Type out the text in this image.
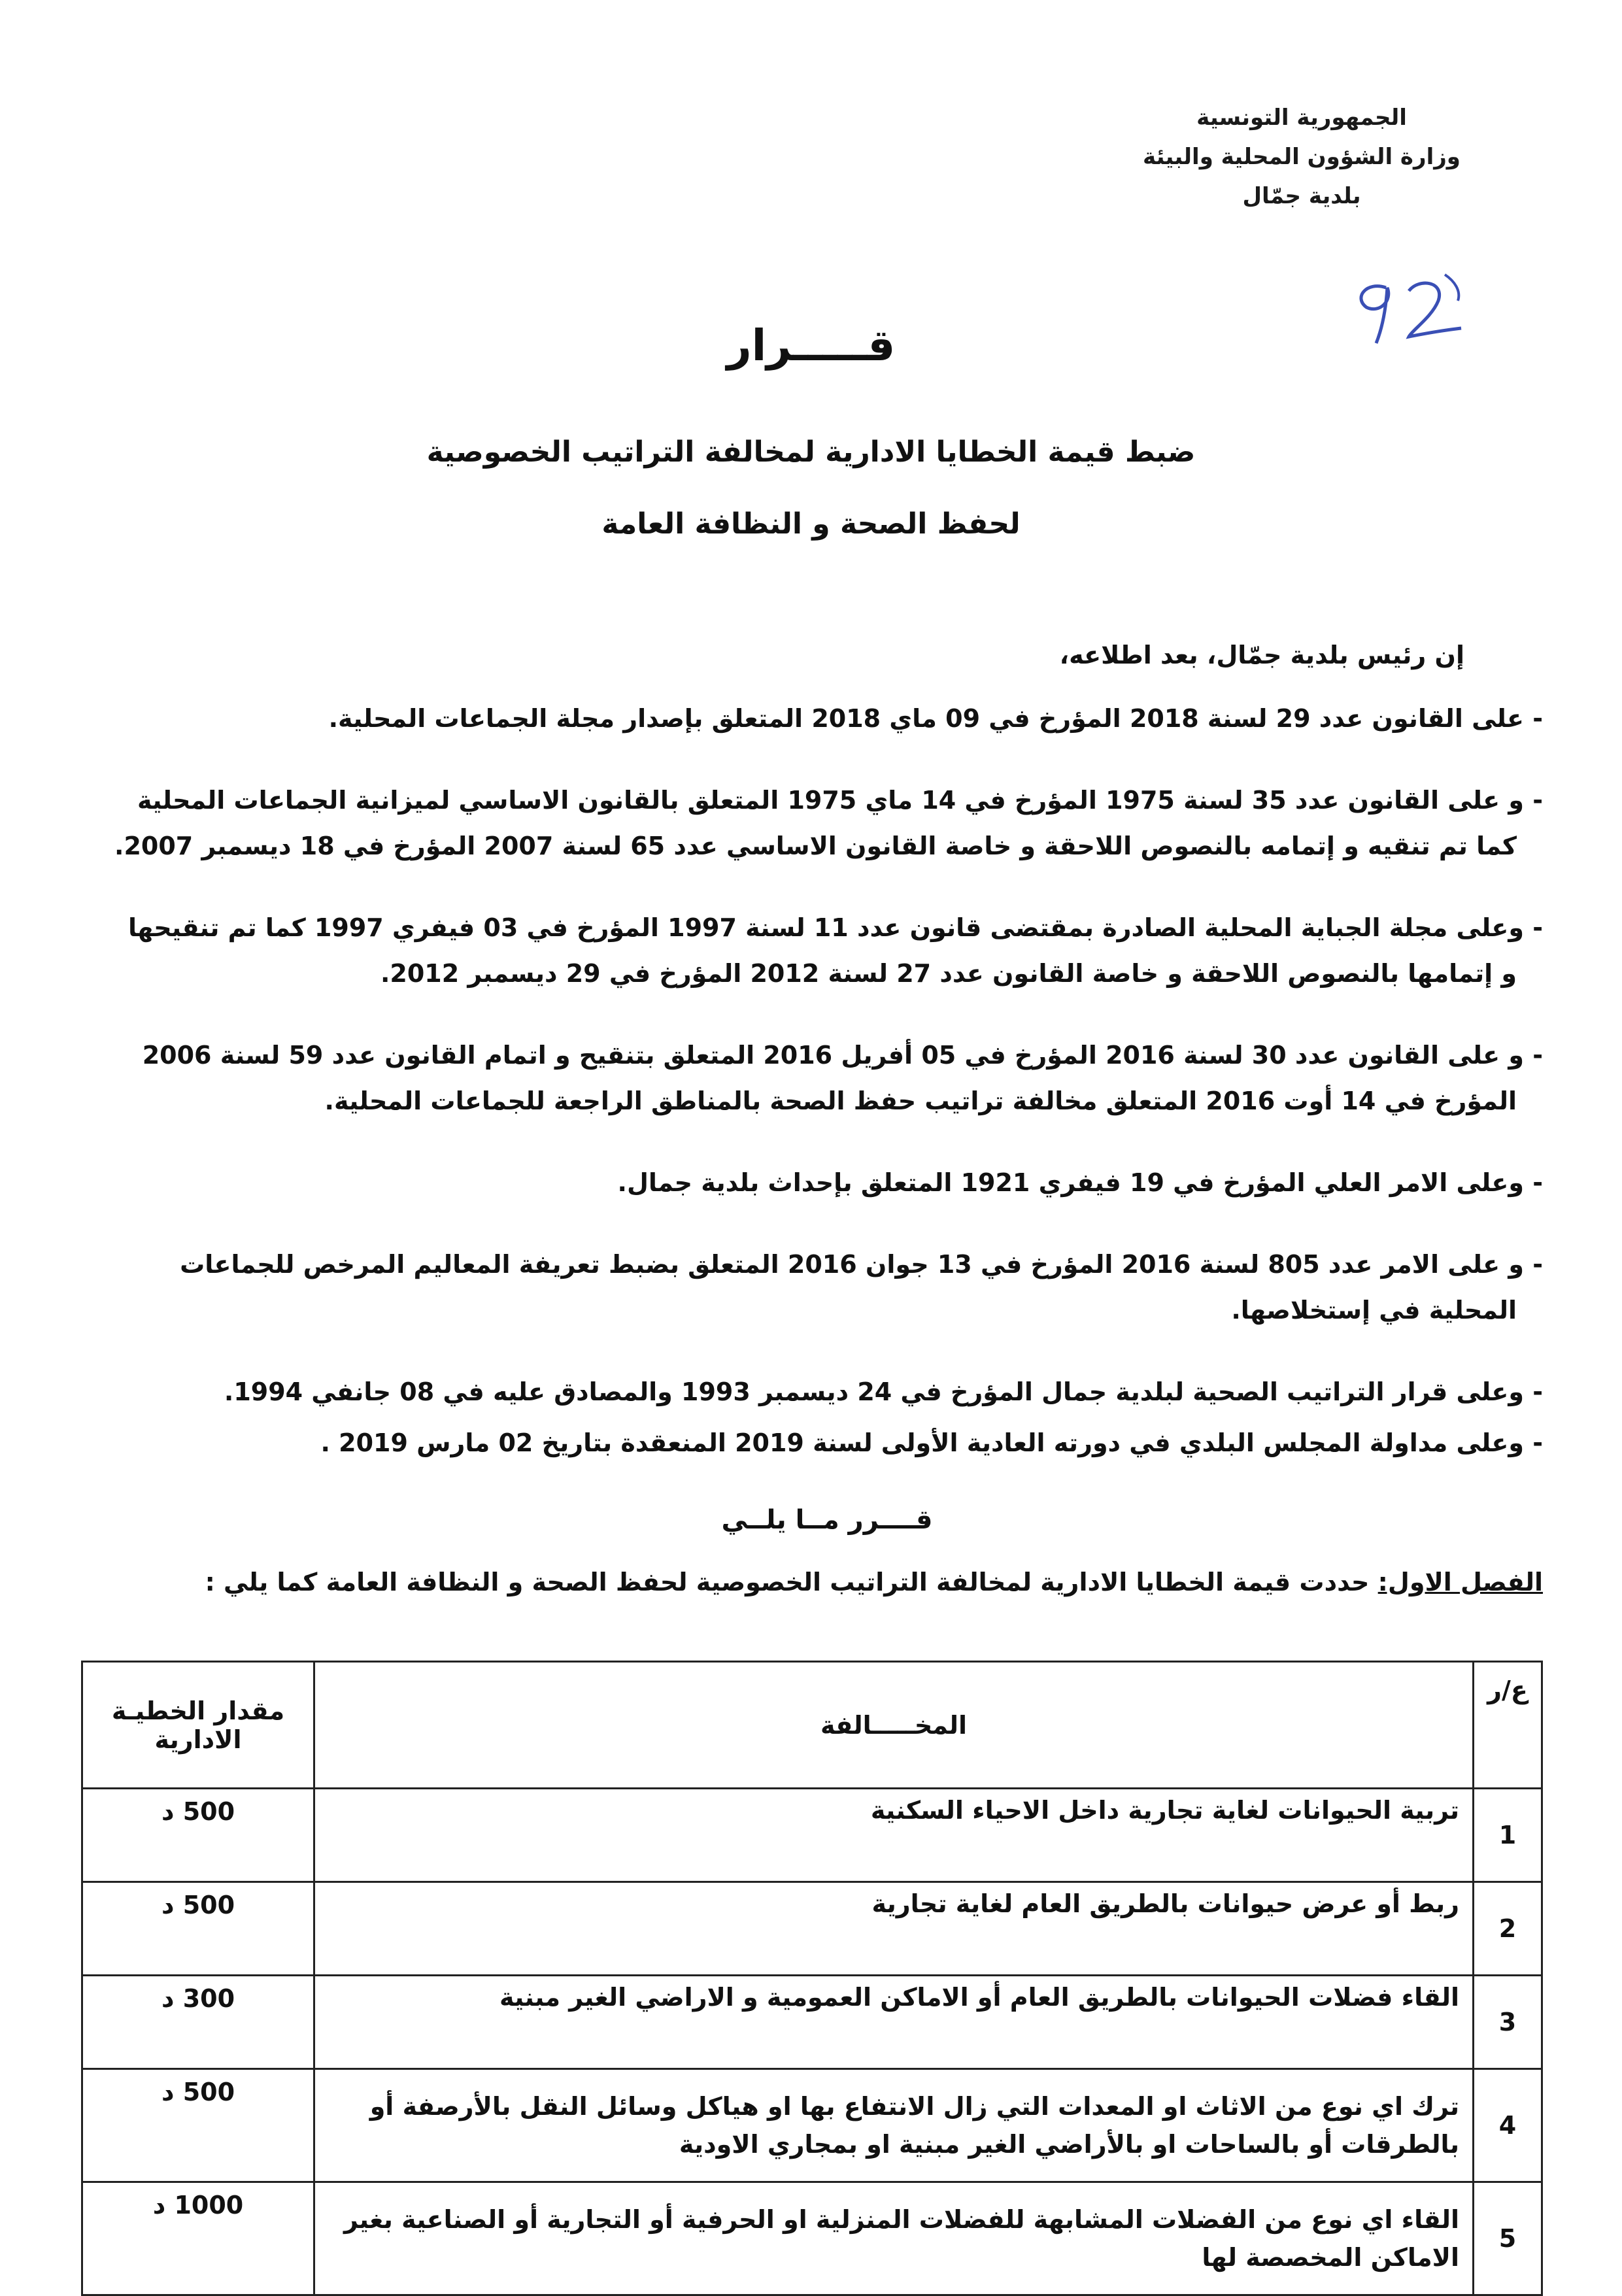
الجمهورية التونسية
وزارة الشؤون المحلية والبيئة
بلدية جمّال
قـــــرار
ضبط قيمة الخطايا الادارية لمخالفة التراتيب الخصوصية
لحفظ الصحة و النظافة العامة
إن رئيس بلدية جمّال، بعد اطلاعه،
- على القانون عدد 29 لسنة 2018 المؤرخ في 09 ماي 2018 المتعلق بإصدار مجلة الجماعات المحلية.
- و على القانون عدد 35 لسنة 1975 المؤرخ في 14 ماي 1975 المتعلق بالقانون الاساسي لميزانية الجماعات المحلية كما تم تنقيه و إتمامه بالنصوص اللاحقة و خاصة القانون الاساسي عدد 65 لسنة 2007 المؤرخ في 18 ديسمبر 2007.
- وعلى مجلة الجباية المحلية الصادرة بمقتضى قانون عدد 11 لسنة 1997 المؤرخ في 03 فيفري 1997 كما تم تنقيحها و إتمامها بالنصوص اللاحقة و خاصة القانون عدد 27 لسنة 2012 المؤرخ في 29 ديسمبر 2012.
- و على القانون عدد 30 لسنة 2016 المؤرخ في 05 أفريل 2016 المتعلق بتنقيح و اتمام القانون عدد 59 لسنة 2006 المؤرخ في 14 أوت 2016 المتعلق مخالفة تراتيب حفظ الصحة بالمناطق الراجعة للجماعات المحلية.
- وعلى الامر العلي المؤرخ في 19 فيفري 1921 المتعلق بإحداث بلدية جمال.
- و على الامر عدد 805 لسنة 2016 المؤرخ في 13 جوان 2016 المتعلق بضبط تعريفة المعاليم المرخص للجماعات المحلية في إستخلاصها.
- وعلى قرار التراتيب الصحية لبلدية جمال المؤرخ في 24 ديسمبر 1993 والمصادق عليه في 08 جانفي 1994.
- وعلى مداولة المجلس البلدي في دورته العادية الأولى لسنة 2019 المنعقدة بتاريخ 02 مارس 2019 .
قــــرر مــا يلــي
الفصل الاول: حددت قيمة الخطايا الادارية لمخالفة التراتيب الخصوصية لحفظ الصحة و النظافة العامة كما يلي :
ع/ر	المخـــــالفة	مقدار الخطيـة الادارية
1	تربية الحيوانات لغاية تجارية داخل الاحياء السكنية	500 د
2	ربط أو عرض حيوانات بالطريق العام لغاية تجارية	500 د
3	القاء فضلات الحيوانات بالطريق العام أو الاماكن العمومية و الاراضي الغير مبنية	300 د
4	ترك اي نوع من الاثاث او المعدات التي زال الانتفاع بها او هياكل وسائل النقل بالأرصفة أو بالطرقات أو بالساحات او بالأراضي الغير مبنية او بمجاري الاودية	500 د
5	القاء اي نوع من الفضلات المشابهة للفضلات المنزلية او الحرفية أو التجارية أو الصناعية بغير الاماكن المخصصة لها	1000 د
